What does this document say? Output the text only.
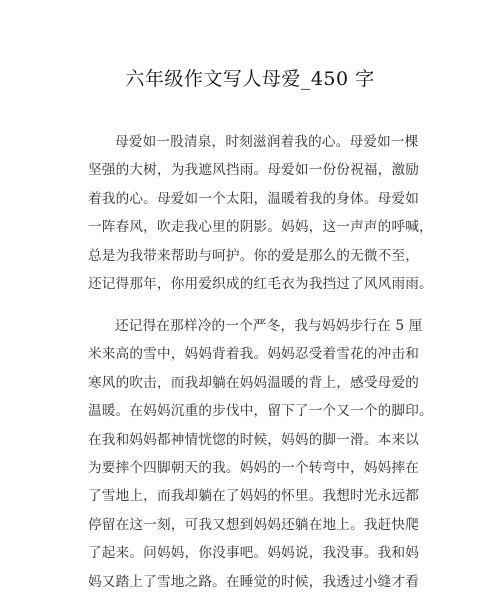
六年级作文写人母爱_450 字
母爱如一股清泉，时刻滋润着我的心。母爱如一棵
坚强的大树，为我遮风挡雨。母爱如一份份祝福，激励
着我的心。母爱如一个太阳，温暖着我的身体。母爱如
一阵春风，吹走我心里的阴影。妈妈，这一声声的呼喊，
总是为我带来帮助与呵护。你的爱是那么的无微不至，
还记得那年，你用爱织成的红毛衣为我挡过了风风雨雨。
还记得在那样冷的一个严冬，我与妈妈步行在 5 厘
米来高的雪中，妈妈背着我。妈妈忍受着雪花的冲击和
寒风的吹击，而我却躺在妈妈温暖的背上，感受母爱的
温暖。在妈妈沉重的步伐中，留下了一个又一个的脚印。
在我和妈妈都神情恍惚的时候，妈妈的脚一滑。本来以
为要摔个四脚朝天的我。妈妈的一个转弯中，妈妈摔在
了雪地上，而我却躺在了妈妈的怀里。我想时光永远都
停留在这一刻，可我又想到妈妈还躺在地上。我赶快爬
了起来。问妈妈，你没事吧。妈妈说，我没事。我和妈
妈又踏上了雪地之路。在睡觉的时候，我透过小缝才看
